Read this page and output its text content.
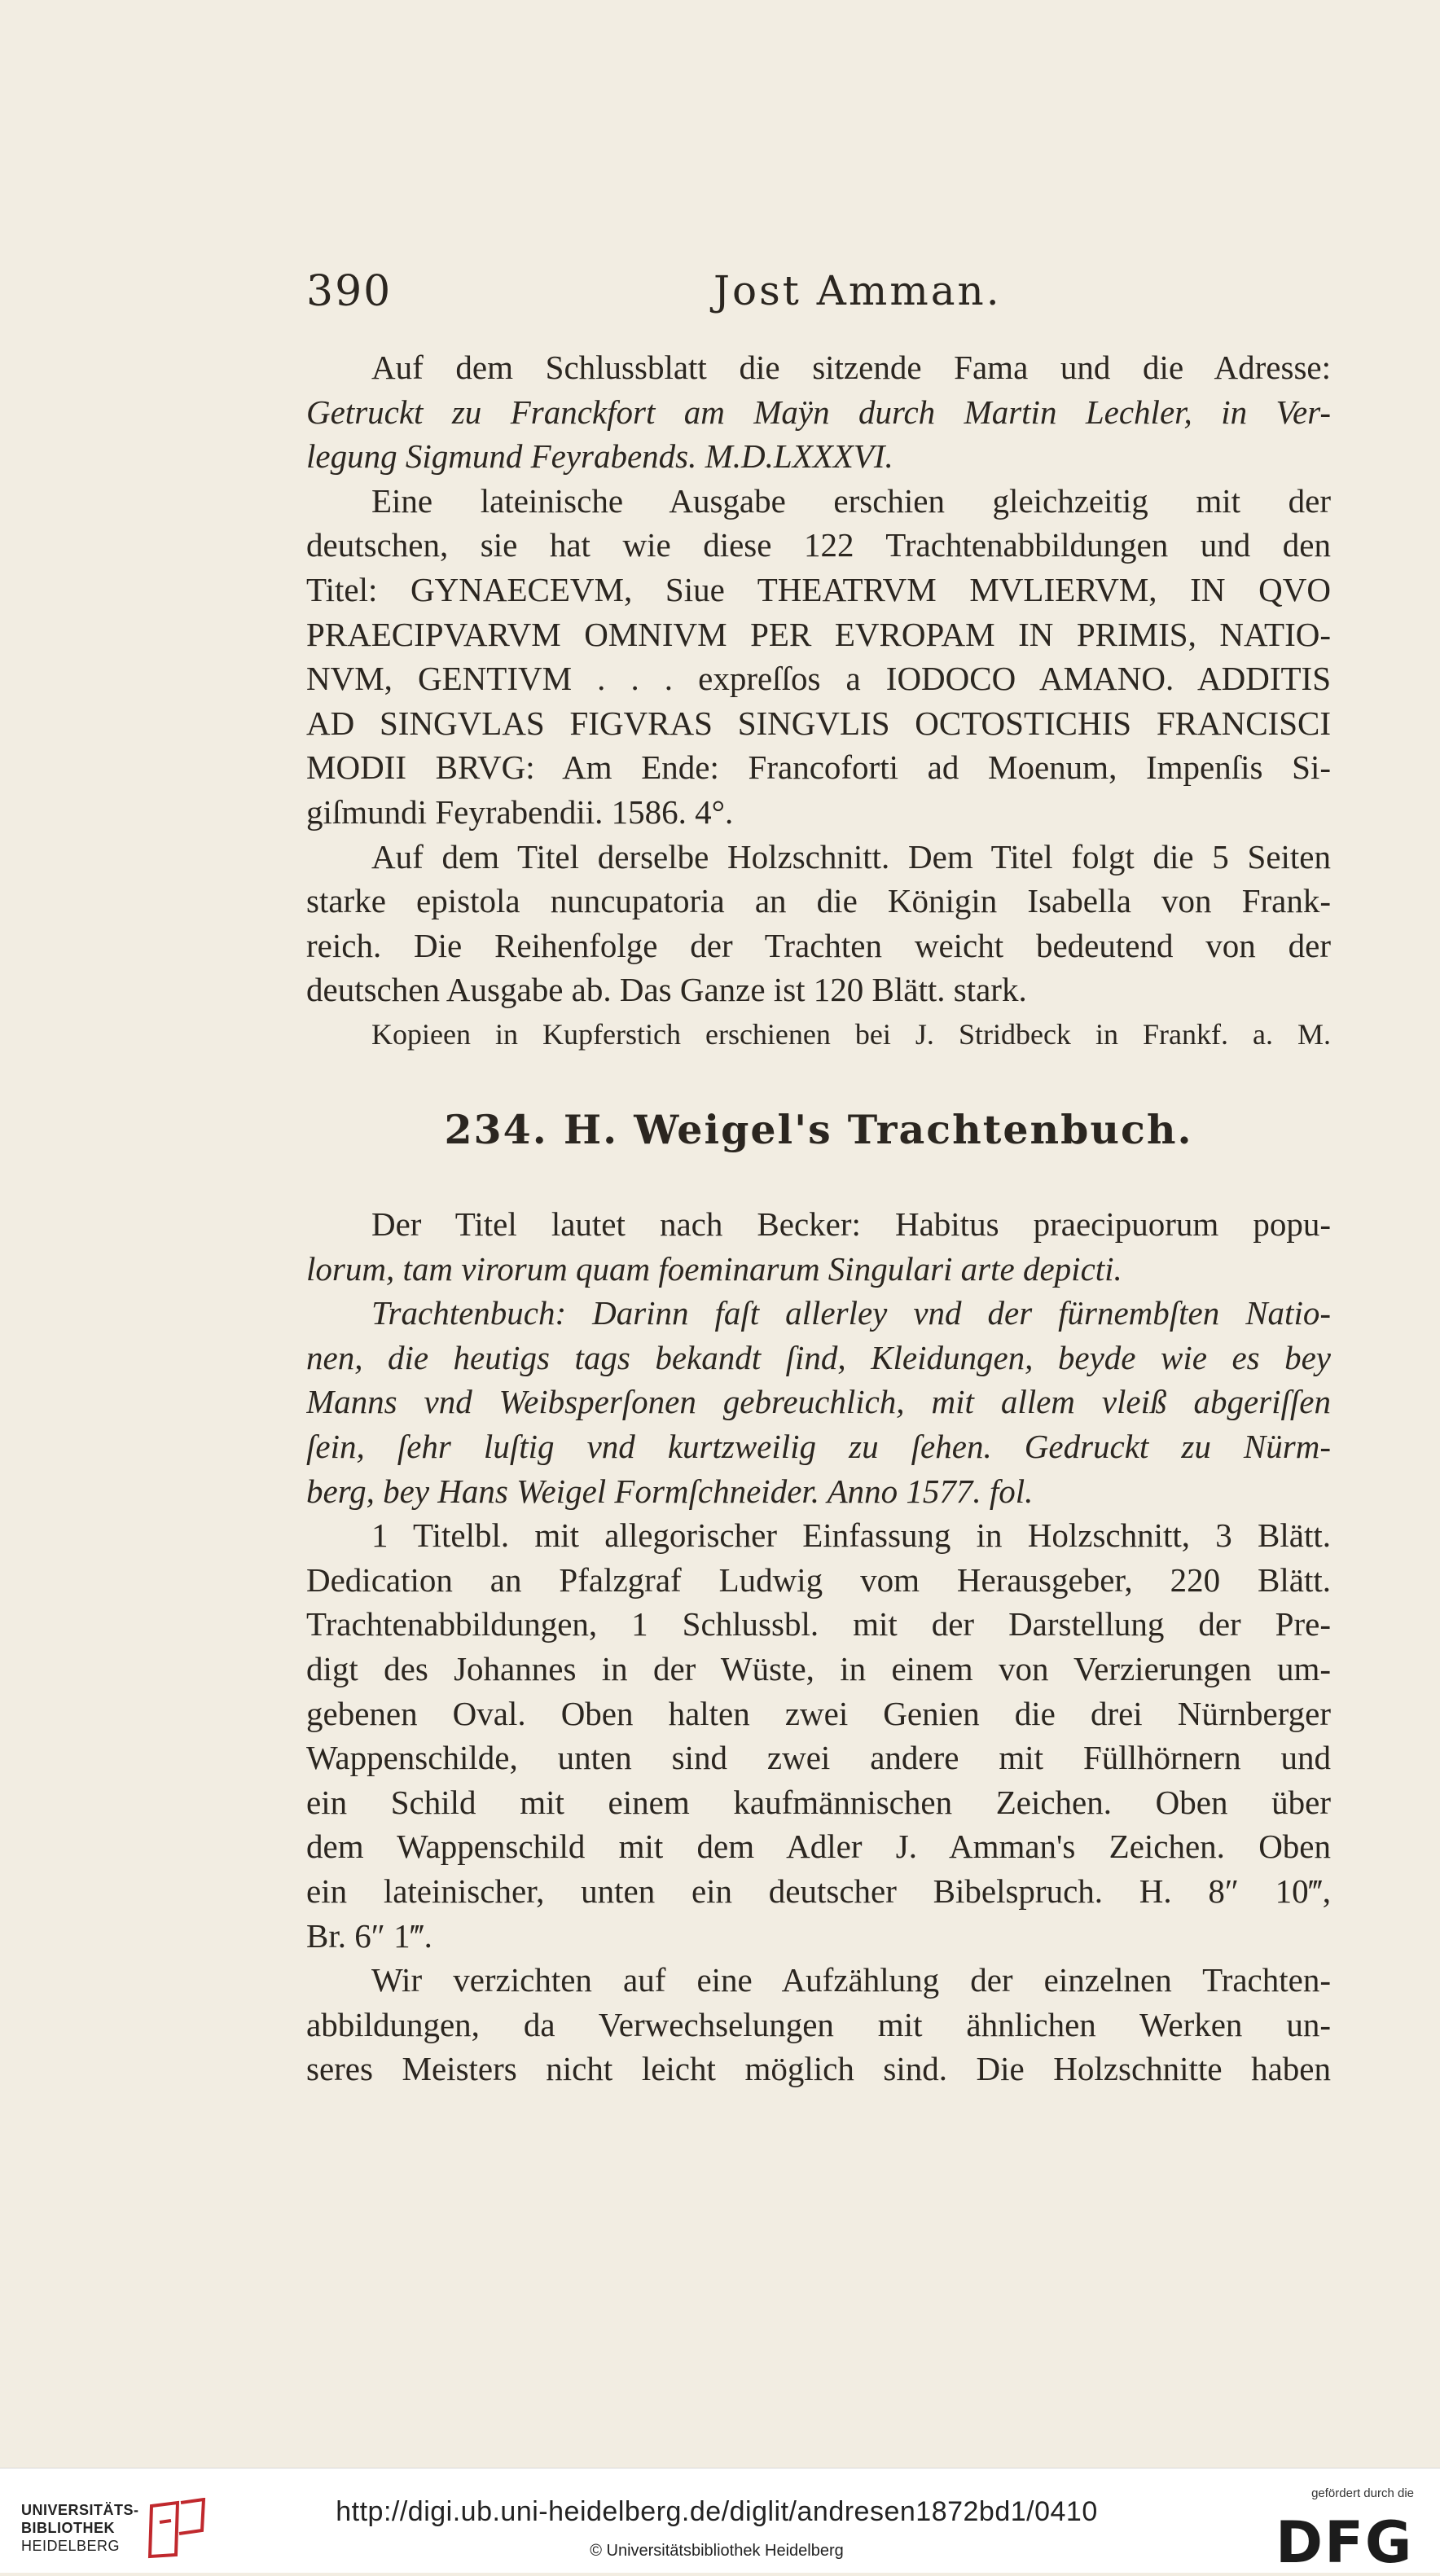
390	Jost Amman.
Auf dem Schlussblatt die sitzende Fama und die Adresse:
Getruckt zu Franckfort am Maÿn durch Martin Lechler, in Ver-
legung Sigmund Feyrabends. M.D.LXXXVI.
Eine lateinische Ausgabe erschien gleichzeitig mit der
deutschen, sie hat wie diese 122 Trachtenabbildungen und den
Titel: GYNAECEVM, Siue THEATRVM MVLIERVM, IN QVO
PRAECIPVARVM OMNIVM PER EVROPAM IN PRIMIS, NATIO-
NVM, GENTIVM . . . expreſſos a IODOCO AMANO. ADDITIS
AD SINGVLAS FIGVRAS SINGVLIS OCTOSTICHIS FRANCISCI
MODII BRVG: Am Ende: Francoforti ad Moenum, Impenſis Si-
giſmundi Feyrabendii. 1586. 4°.
Auf dem Titel derselbe Holzschnitt. Dem Titel folgt die 5 Seiten
starke epistola nuncupatoria an die Königin Isabella von Frank-
reich. Die Reihenfolge der Trachten weicht bedeutend von der
deutschen Ausgabe ab. Das Ganze ist 120 Blätt. stark.
Kopieen in Kupferstich erschienen bei J. Stridbeck in Frankf. a. M.
234. H. Weigel's Trachtenbuch.
Der Titel lautet nach Becker: Habitus praecipuorum popu-
lorum, tam virorum quam foeminarum Singulari arte depicti.
Trachtenbuch: Darinn faſt allerley vnd der fürnembſten Natio-
nen, die heutigs tags bekandt ſind, Kleidungen, beyde wie es bey
Manns vnd Weibsperſonen gebreuchlich, mit allem vleiß abgeriſſen
ſein, ſehr luſtig vnd kurtzweilig zu ſehen. Gedruckt zu Nürm-
berg, bey Hans Weigel Formſchneider. Anno 1577. fol.
1 Titelbl. mit allegorischer Einfassung in Holzschnitt, 3 Blätt.
Dedication an Pfalzgraf Ludwig vom Herausgeber, 220 Blätt.
Trachtenabbildungen, 1 Schlussbl. mit der Darstellung der Pre-
digt des Johannes in der Wüste, in einem von Verzierungen um-
gebenen Oval. Oben halten zwei Genien die drei Nürnberger
Wappenschilde, unten sind zwei andere mit Füllhörnern und
ein Schild mit einem kaufmännischen Zeichen. Oben über
dem Wappenschild mit dem Adler J. Amman's Zeichen. Oben
ein lateinischer, unten ein deutscher Bibelspruch. H. 8″ 10‴,
Br. 6″ 1‴.
Wir verzichten auf eine Aufzählung der einzelnen Trachten-
abbildungen, da Verwechselungen mit ähnlichen Werken un-
seres Meisters nicht leicht möglich sind. Die Holzschnitte haben
UNIVERSITÄTS-
BIBLIOTHEK
HEIDELBERG
http://digi.ub.uni-heidelberg.de/diglit/andresen1872bd1/0410
© Universitätsbibliothek Heidelberg
gefördert durch die
DFG
